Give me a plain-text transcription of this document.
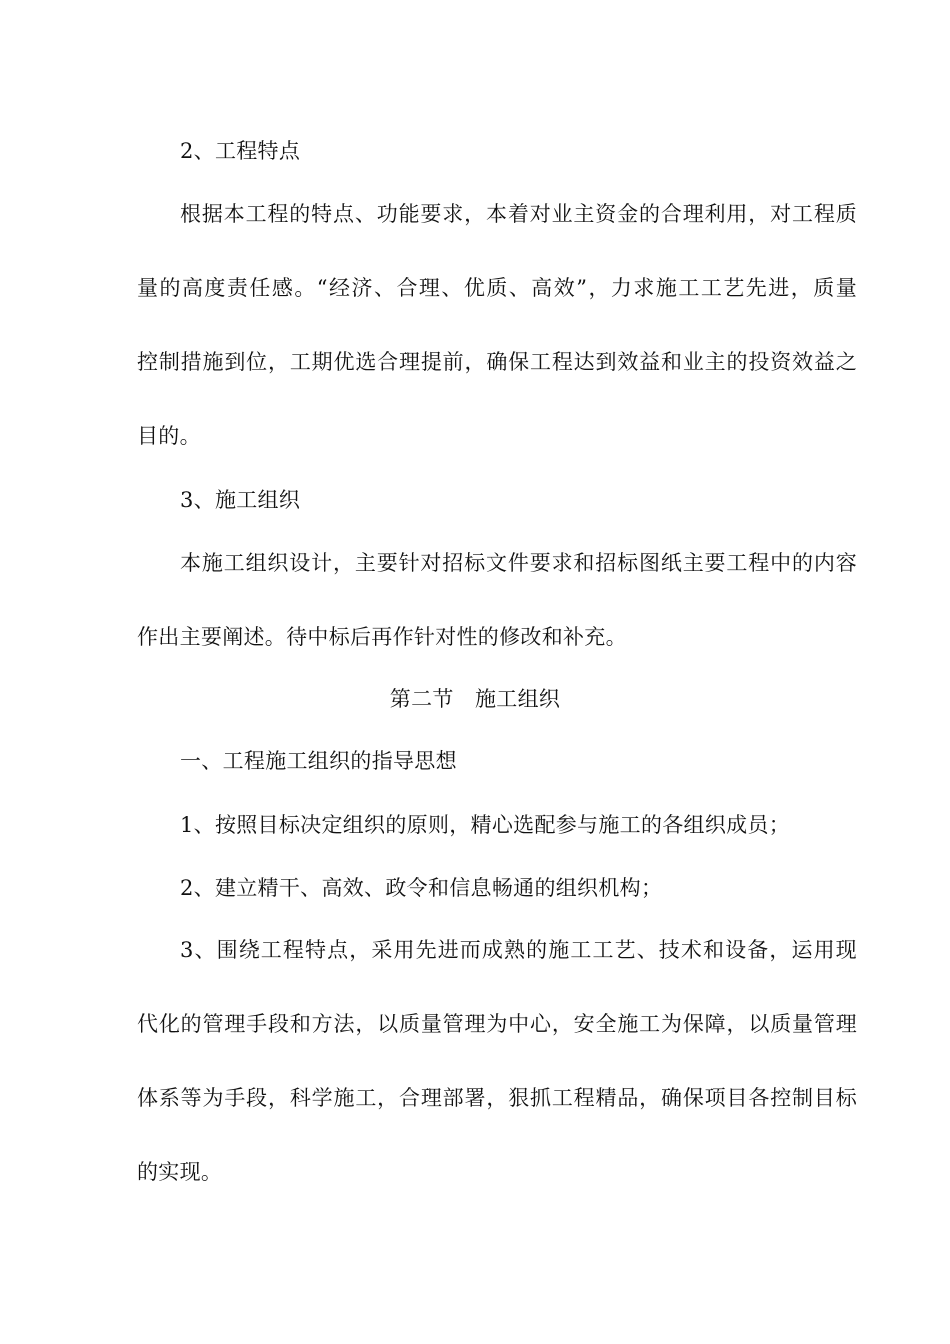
2、工程特点
根据本工程的特点、功能要求，本着对业主资金的合理利用，对工程质
量的高度责任感。“经济、合理、优质、高效”，力求施工工艺先进，质量
控制措施到位，工期优选合理提前，确保工程达到效益和业主的投资效益之
目的。
3、施工组织
本施工组织设计，主要针对招标文件要求和招标图纸主要工程中的内容
作出主要阐述。待中标后再作针对性的修改和补充。
第二节　施工组织
一、工程施工组织的指导思想
1、按照目标决定组织的原则，精心选配参与施工的各组织成员；
2、建立精干、高效、政令和信息畅通的组织机构；
3、围绕工程特点，采用先进而成熟的施工工艺、技术和设备，运用现
代化的管理手段和方法，以质量管理为中心，安全施工为保障，以质量管理
体系等为手段，科学施工，合理部署，狠抓工程精品，确保项目各控制目标
的实现。
